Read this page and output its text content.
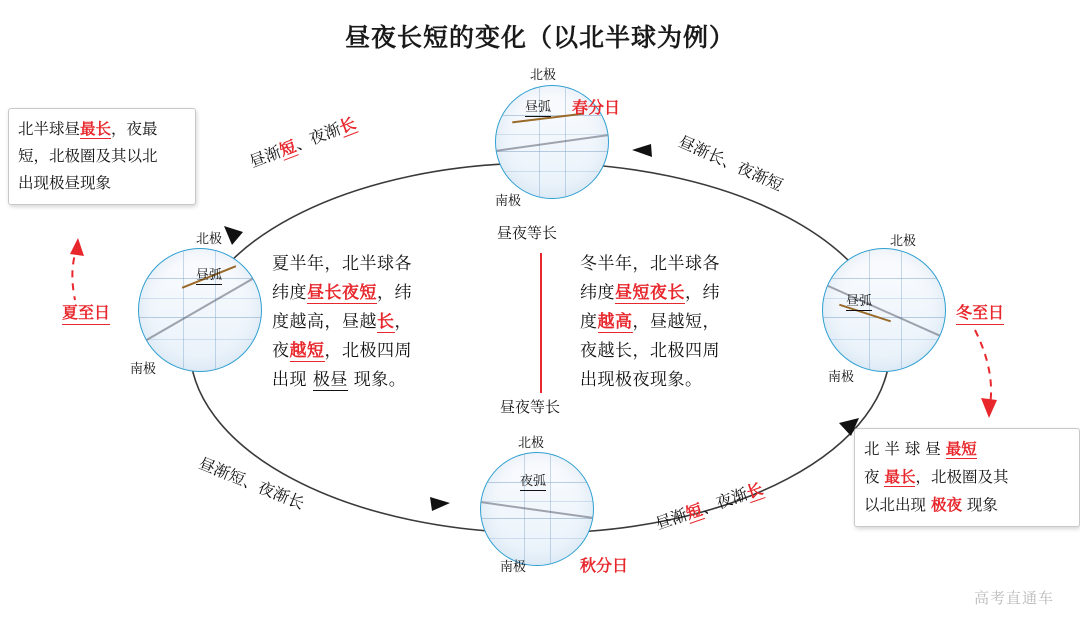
昼夜长短的变化（以北半球为例）
北极
南极
昼弧 春分日
昼夜等长
北极
南极
昼弧
夏至日
北极
南极
昼弧
冬至日
北极
南极
夜弧
秋分日
昼夜等长
昼渐短、夜渐长
昼渐长、夜渐短
昼渐短、夜渐长
昼渐短、夜渐长
夏半年，北半球各
纬度昼长夜短，纬
度越高，昼越长，
夜越短，北极四周
出现 极昼 现象。
冬半年，北半球各
纬度昼短夜长，纬
度越高，昼越短，
夜越长，北极四周
出现极夜现象。
北半球昼最长，夜最
短，北极圈及其以北
出现极昼现象
北 半 球 昼 最短
夜 最长，北极圈及其
以北出现 极夜 现象
高考直通车
